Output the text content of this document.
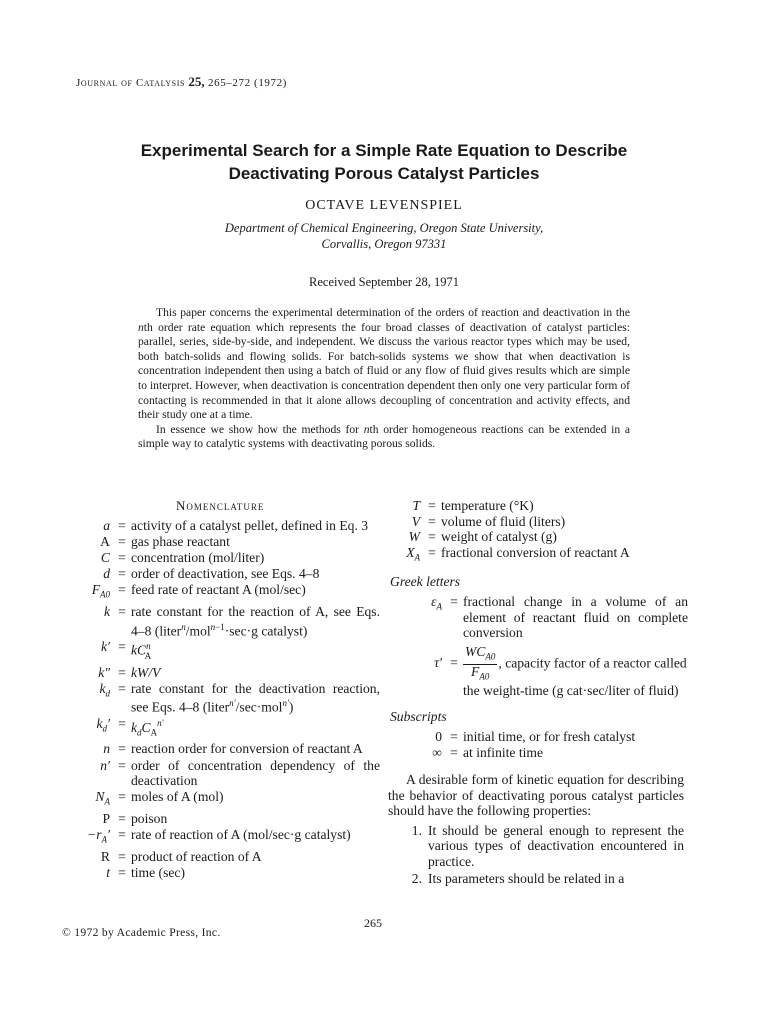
Journal of Catalysis 25, 265–272 (1972)
Experimental Search for a Simple Rate Equation to Describe
Deactivating Porous Catalyst Particles
OCTAVE LEVENSPIEL
Department of Chemical Engineering, Oregon State University,
Corvallis, Oregon 97331
Received September 28, 1971

This paper concerns the experimental determination of the orders of reaction and deactivation in the nth order rate equation which represents the four broad classes of deactivation of catalyst particles: parallel, series, side-by-side, and independent. We discuss the various reactor types which may be used, both batch-solids and flowing solids. For batch-solids systems we show that when deactivation is concentration independent then using a batch of fluid or any flow of fluid gives results which are simple to interpret. However, when deactivation is concentration dependent then only one very particular form of contacting is recommended in that it alone allows decoupling of concentration and activity effects, and their study one at a time.

In essence we show how the methods for nth order homogeneous reactions can be extended in a simple way to catalytic systems with deactivating porous solids.

Nomenclature
a = activity of a catalyst pellet, defined in Eq. 3
A = gas phase reactant
C = concentration (mol/liter)
d = order of deactivation, see Eqs. 4–8
$F_{A0}$ = feed rate of reactant A (mol/sec)
k = rate constant for the reaction of A, see Eqs. 4–8 (liter$^n$/mol$^{n-1}$·sec·g catalyst)
$k' = kC^n_A$
k″ = kW/V
$k_d$ = rate constant for the deactivation reaction, see Eqs. 4–8 (liter$^{n'}$/sec·mol$^{n'}$)
$k_d' = k_dC_A^{n'}$
n = reaction order for conversion of reactant A
n′ = order of concentration dependency of the deactivation
$N_A$ = moles of A (mol)
P = poison
$-r_A'$ = rate of reaction of A (mol/sec·g catalyst)
R = product of reaction of A
t = time (sec)
T = temperature (°K)
V = volume of fluid (liters)
W = weight of catalyst (g)
$X_A$ = fractional conversion of reactant A
Greek letters
$\varepsilon_A$ = fractional change in a volume of an element of reactant fluid on complete conversion
$\tau' = \frac{WC_{A0}}{F_{A0}}$ , capacity factor of a reactor called the weight-time (g cat·sec/liter of fluid)
Subscripts
0 = initial time, or for fresh catalyst
∞ = at infinite time

A desirable form of kinetic equation for describing the behavior of deactivating porous catalyst particles should have the following properties:

1. It should be general enough to represent the various types of deactivation encountered in practice.
2. Its parameters should be related in a
265
© 1972 by Academic Press, Inc.
